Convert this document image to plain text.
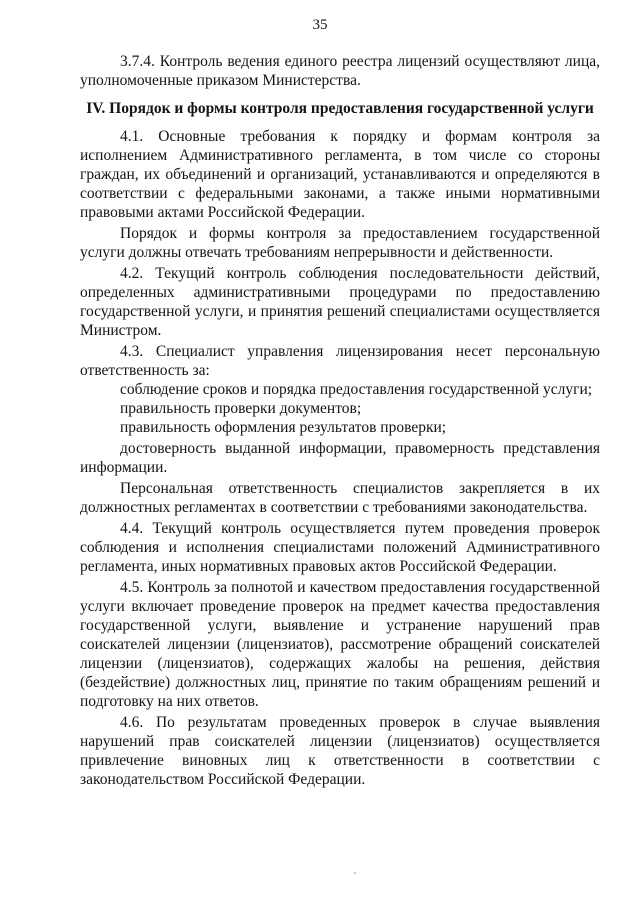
35

3.7.4. Контроль ведения единого реестра лицензий осуществляют лица, уполномоченные приказом Министерства.

IV. Порядок и формы контроля предоставления государственной услуги

4.1. Основные требования к порядку и формам контроля за исполнением Административного регламента, в том числе со стороны граждан, их объединений и организаций, устанавливаются и определяются в соответствии с федеральными законами, а также иными нормативными правовыми актами Российской Федерации.

Порядок и формы контроля за предоставлением государственной услуги должны отвечать требованиям непрерывности и действенности.

4.2. Текущий контроль соблюдения последовательности действий, определенных административными процедурами по предоставлению государственной услуги, и принятия решений специалистами осуществляется Министром.

4.3. Специалист управления лицензирования несет персональную ответственность за:

соблюдение сроков и порядка предоставления государственной услуги;

правильность проверки документов;

правильность оформления результатов проверки;

достоверность выданной информации, правомерность представления информации.

Персональная ответственность специалистов закрепляется в их должностных регламентах в соответствии с требованиями законодательства.

4.4. Текущий контроль осуществляется путем проведения проверок соблюдения и исполнения специалистами положений Административного регламента, иных нормативных правовых актов Российской Федерации.

4.5. Контроль за полнотой и качеством предоставления государственной услуги включает проведение проверок на предмет качества предоставления государственной услуги, выявление и устранение нарушений прав соискателей лицензии (лицензиатов), рассмотрение обращений соискателей лицензии (лицензиатов), содержащих жалобы на решения, действия (бездействие) должностных лиц, принятие по таким обращениям решений и подготовку на них ответов.

4.6. По результатам проведенных проверок в случае выявления нарушений прав соискателей лицензии (лицензиатов) осуществляется привлечение виновных лиц к ответственности в соответствии с законодательством Российской Федерации.
